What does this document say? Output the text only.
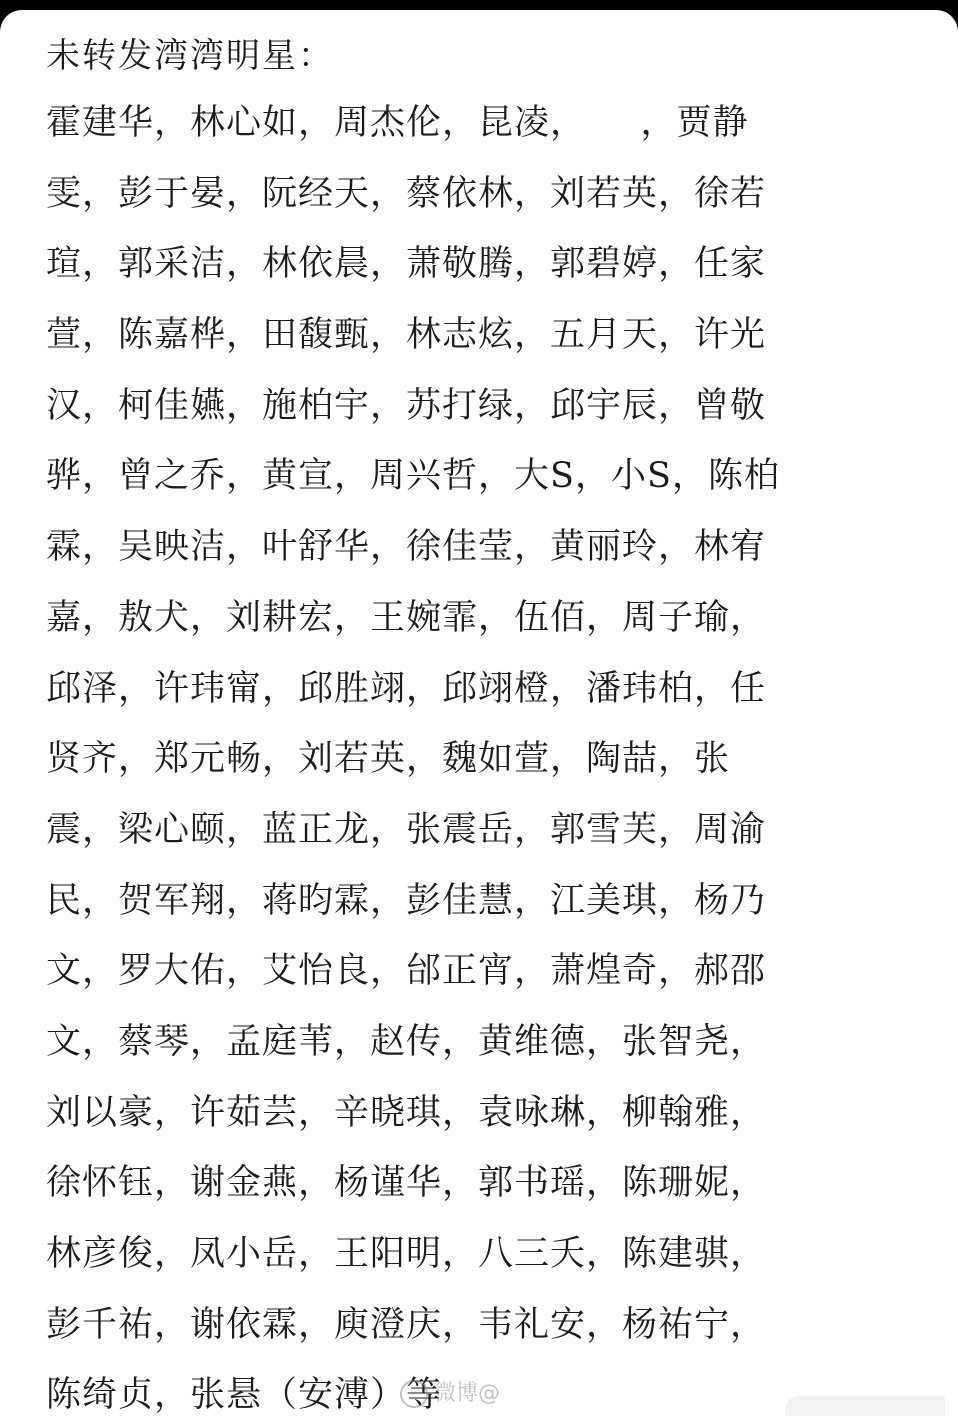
未转发湾湾明星：
霍建华，林心如，周杰伦，昆凌，　　，贾静
雯，彭于晏，阮经天，蔡依林，刘若英，徐若
瑄，郭采洁，林依晨，萧敬腾，郭碧婷，任家
萱，陈嘉桦，田馥甄，林志炫，五月天，许光
汉，柯佳嬿，施柏宇，苏打绿，邱宇辰，曾敬
骅，曾之乔，黄宣，周兴哲，大S，小S，陈柏
霖，吴映洁，叶舒华，徐佳莹，黄丽玲，林宥
嘉，敖犬，刘耕宏，王婉霏，伍佰，周子瑜，
邱泽，许玮甯，邱胜翊，邱翊橙，潘玮柏，任
贤齐，郑元畅，刘若英，魏如萱，陶喆，张
震，梁心颐，蓝正龙，张震岳，郭雪芙，周渝
民，贺军翔，蒋昀霖，彭佳慧，江美琪，杨乃
文，罗大佑，艾怡良，邰正宵，萧煌奇，郝邵
文，蔡琴，孟庭苇，赵传，黄维德，张智尧，
刘以豪，许茹芸，辛晓琪，袁咏琳，柳翰雅，
徐怀钰，谢金燕，杨谨华，郭书瑶，陈珊妮，
林彦俊，凤小岳，王阳明，八三夭，陈建骐，
彭千祐，谢依霖，庾澄庆，韦礼安，杨祐宁，
陈绮贞，张悬（安溥）等
微博@
